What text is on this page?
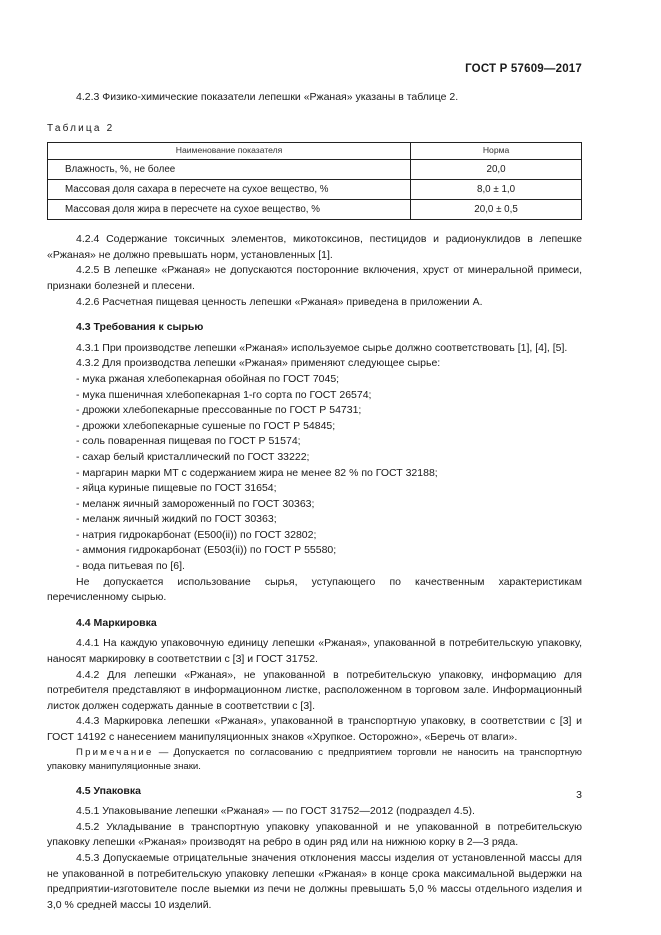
ГОСТ Р 57609—2017

4.2.3 Физико-химические показатели лепешки «Ржаная» указаны в таблице 2.

Таблица 2
Наименование показателя	Норма
Влажность, %, не более	20,0
Массовая доля сахара в пересчете на сухое вещество, %	8,0 ± 1,0
Массовая доля жира в пересчете на сухое вещество, %	20,0 ± 0,5

4.2.4 Содержание токсичных элементов, микотоксинов, пестицидов и радионуклидов в лепешке «Ржаная» не должно превышать норм, установленных [1].

4.2.5 В лепешке «Ржаная» не допускаются посторонние включения, хруст от минеральной примеси, признаки болезней и плесени.

4.2.6 Расчетная пищевая ценность лепешки «Ржаная» приведена в приложении А.

4.3 Требования к сырью

4.3.1 При производстве лепешки «Ржаная» используемое сырье должно соответствовать [1], [4], [5].

4.3.2 Для производства лепешки «Ржаная» применяют следующее сырье:

- мука ржаная хлебопекарная обойная по ГОСТ 7045;
- мука пшеничная хлебопекарная 1-го сорта по ГОСТ 26574;
- дрожжи хлебопекарные прессованные по ГОСТ Р 54731;
- дрожжи хлебопекарные сушеные по ГОСТ Р 54845;
- соль поваренная пищевая по ГОСТ Р 51574;
- сахар белый кристаллический по ГОСТ 33222;
- маргарин марки МТ с содержанием жира не менее 82 % по ГОСТ 32188;
- яйца куриные пищевые по ГОСТ 31654;
- меланж яичный замороженный по ГОСТ 30363;
- меланж яичный жидкий по ГОСТ 30363;
- натрия гидрокарбонат (Е500(ii)) по ГОСТ 32802;
- аммония гидрокарбонат (Е503(ii)) по ГОСТ Р 55580;
- вода питьевая по [6].

Не допускается использование сырья, уступающего по качественным характеристикам перечисленному сырью.

4.4 Маркировка

4.4.1 На каждую упаковочную единицу лепешки «Ржаная», упакованной в потребительскую упаковку, наносят маркировку в соответствии с [3] и ГОСТ 31752.

4.4.2 Для лепешки «Ржаная», не упакованной в потребительскую упаковку, информацию для потребителя представляют в информационном листке, расположенном в торговом зале. Информационный листок должен содержать данные в соответствии с [3].

4.4.3 Маркировка лепешки «Ржаная», упакованной в транспортную упаковку, в соответствии с [3] и ГОСТ 14192 с нанесением манипуляционных знаков «Хрупкое. Осторожно», «Беречь от влаги».

Примечание — Допускается по согласованию с предприятием торговли не наносить на транспортную упаковку манипуляционные знаки.

4.5 Упаковка

4.5.1 Упаковывание лепешки «Ржаная» — по ГОСТ 31752—2012 (подраздел 4.5).

4.5.2 Укладывание в транспортную упаковку упакованной и не упакованной в потребительскую упаковку лепешки «Ржаная» производят на ребро в один ряд или на нижнюю корку в 2—3 ряда.

4.5.3 Допускаемые отрицательные значения отклонения массы изделия от установленной массы для не упакованной в потребительскую упаковку лепешки «Ржаная» в конце срока максимальной выдержки на предприятии-изготовителе после выемки из печи не должны превышать 5,0 % массы отдельного изделия и 3,0 % средней массы 10 изделий.

3
